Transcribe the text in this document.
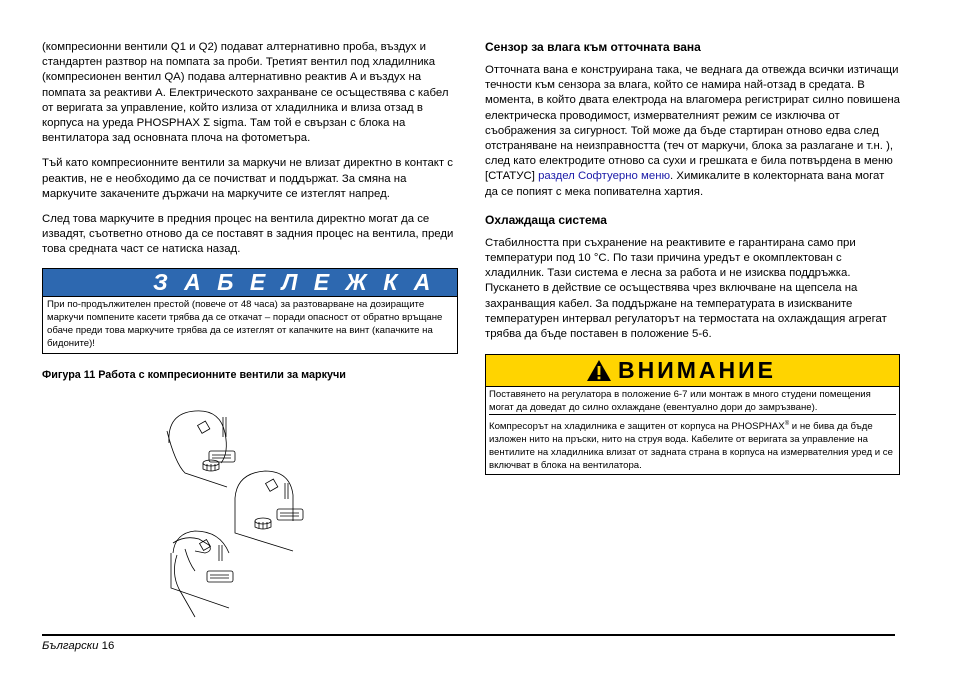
(компресионни вентили Q1 и Q2) подават алтернативно проба, въздух и стандартен разтвор на помпата за проби. Третият вентил под хладилника (компресионен вентил QA) подава алтернативно реактив A и въздух на помпата за реактиви A. Електрическото захранване се осъществява с кабел от веригата за управление, който излиза от хладилника и влиза отзад в корпуса на уреда PHOSPHAX Σ sigma. Там той е свързан с блока на вентилатора зад основната плоча на фотометъра.

Тъй като компресионните вентили за маркучи не влизат директно в контакт с реактив, не е необходимо да се почистват и поддържат. За смяна на маркучите закачените държачи на маркучите се изтеглят напред.

След това маркучите в предния процес на вентила директно могат да се извадят, съответно отново да се поставят в задния процес на вентила, преди това средната част се натиска назад.

З А Б Е Л Е Ж К А
При по-продължителен престой (повече от 48 часа) за разтоварване на дозиращите маркучи помпените касети трябва да се откачат – поради опасност от обратно връщане обаче преди това маркучите трябва да се изтеглят от капачките на винт (капачките на бидоните)!
Фигура 11 Работа с компресионните вентили за маркучи
Сензор за влага към отточната вана

Отточната вана е конструирана така, че веднага да отвежда всички изтичащи течности към сензора за влага, който се намира най-отзад в средата. В момента, в който двата електрода на влагомера регистрират силно повишена електрическа проводимост, измервателният режим се изключва от съображения за сигурност. Той може да бъде стартиран отново едва след отстраняване на неизправността (теч от маркучи, блока за разлагане и т.н. ), след като електродите отново са сухи и грешката е била потвърдена в меню [СТАТУС] раздел Софтуерно меню. Химикалите в колекторната вана могат да се попият с мека попивателна хартия.

Охлаждаща система

Стабилността при съхранение на реактивите е гарантирана само при температури под 10 °C. По тази причина уредът е окомплектован с хладилник. Тази система е лесна за работа и не изисква поддръжка. Пускането в действие се осъществява чрез включване на щепсела на захранващия кабел. За поддържане на температурата в изискваните температурен интервал регулаторът на термостата на охлаждащия агрегат трябва да бъде поставен в положение 5-6.

ВНИМАНИЕ
Поставянето на регулатора в положение 6-7 или монтаж в много студени помещения могат да доведат до силно охлаждане (евентуално дори до замръзване).
Компресорът на хладилника е защитен от корпуса на PHOSPHAX® и не бива да бъде изложен нито на пръски, нито на струя вода. Кабелите от веригата за управление на вентилите на хладилника влизат от задната страна в корпуса на измервателния уред и се включват в блока на вентилатора.
Български 16
